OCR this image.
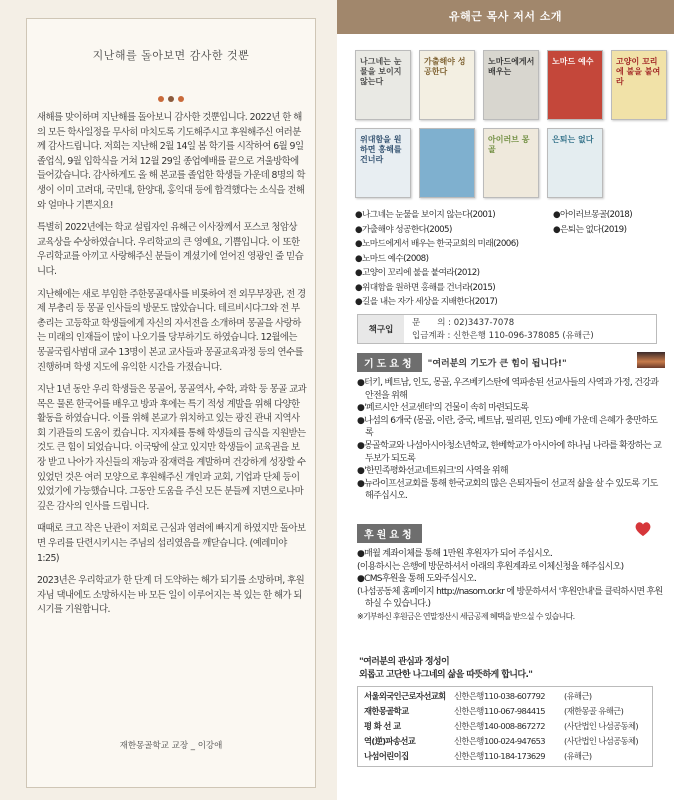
지난해를 돌아보면 감사한 것뿐

새해를 맞이하며 지난해를 돌아보니 감사한 것뿐입니다. 2022년 한 해의 모든 학사일정을 무사히 마치도록 기도해주시고 후원해주신 여러분께 감사드립니다. 저희는 지난해 2월 14일 봄 학기를 시작하여 6월 9일 졸업식, 9월 입학식을 거쳐 12월 29일 종업예배를 끝으로 겨울방학에 들어갔습니다. 감사하게도 올 해 본교를 졸업한 학생들 가운데 8명의 학생이 이미 고려대, 국민대, 한양대, 홍익대 등에 합격했다는 소식을 전해와 얼마나 기쁜지요!

특별히 2022년에는 학교 설립자인 유해근 이사장께서 포스코 청암상 교육상을 수상하였습니다. 우리학교의 큰 영예요, 기쁨입니다. 이 또한 우리학교를 아끼고 사랑해주신 분들이 계셨기에 얻어진 영광인 줄 믿습니다.

지난해에는 새로 부임한 주한몽골대사를 비롯하여 전 외무부장관, 전 경제 부총리 등 몽골 인사들의 방문도 많았습니다. 테르비시다그와 전 부총리는 고등학교 학생들에게 자신의 자서전을 소개하며 몽골을 사랑하는 미래의 인재들이 많이 나오기를 당부하기도 하였습니다. 12월에는 몽골국립사범대 교수 13명이 본교 교사들과 몽골교육과정 등의 연수를 진행하며 학생 지도에 유익한 시간을 가졌습니다.

지난 1년 동안 우리 학생들은 몽골어, 몽골역사, 수학, 과학 등 몽골 교과목은 물론 한국어를 배우고 방과 후에는 특기 적성 계발을 위해 다양한 활동을 하였습니다. 이를 위해 본교가 위치하고 있는 광진 관내 지역사회 기관들의 도움이 컸습니다. 지자체를 통해 학생들의 급식을 지원받는 것도 큰 힘이 되었습니다. 이국땅에 살고 있지만 학생들이 교육권을 보장 받고 나아가 자신들의 재능과 잠재력을 계발하며 건강하게 성장할 수 있었던 것은 여러 모양으로 후원해주신 개인과 교회, 기업과 단체 등이 있었기에 가능했습니다. 그동안 도움을 주신 모든 분들께 지면으로나마 깊은 감사의 인사를 드립니다.

때때로 크고 작은 난관이 저희로 근심과 염려에 빠지게 하였지만 돌아보면 우리를 단련시키시는 주님의 섭리였음을 깨닫습니다. (예레미야1:25)

2023년은 우리학교가 한 단계 더 도약하는 해가 되기를 소망하며, 후원자님 댁내에도 소망하시는 바 모든 일이 이루어지는 복 있는 한 해가 되시기를 기원합니다.

재한몽골학교 교장 _ 이강애
유해근 목사 저서 소개
나그네는 눈물을 보이지 않는다
가출해야 성공한다
노마드에게서 배우는
노마드 예수	고양이 꼬리에 불을 붙여라
위대함을 원하면 홍해를 건너라
아이러브 몽골
은퇴는 없다
●나그네는 눈물을 보이지 않는다(2001)
●가출해야 성공한다(2005)
●노마드에게서 배우는 한국교회의 미래(2006)
●노마드 예수(2008)
●고양이 꼬리에 불을 붙여라(2012)
●위대함을 원하면 홍해를 건너라(2015)
●길을 내는 자가 세상을 지배한다(2017)
●아이러브몽골(2018)
●은퇴는 없다(2019)
책구입
문　　의 : 02)3437-7078
입금계좌 : 신한은행 110-096-378085 (유해근)
기도요청	"여러분의 기도가 큰 힘이 됩니다!"
●터키, 베트남, 인도, 몽골, 우즈베키스탄에 역파송된 선교사들의 사역과 가정, 건강과 안전을 위해
●'페르시안 선교센터'의 건물이 속히 마련되도록
●나섬의 6개국 (몽골, 이란, 중국, 베트남, 필리핀, 인도) 예배 가운데 은혜가 충만하도록
●몽골학교와 나섬아시아청소년학교, 한베학교가 아시아에 하나님 나라를 확장하는 교두보가 되도록
●'한민족평화선교네트워크'의 사역을 위해
●뉴라이프선교회를 통해 한국교회의 많은 은퇴자들이 선교적 삶을 살 수 있도록 기도해주십시오.
후원요청
●매월 계좌이체를 통해 1만원 후원자가 되어 주십시오.
(이용하시는 은행에 방문하셔서 아래의 후원계좌로 이체신청을 해주십시오)
●CMS후원을 통해 도와주십시오.
(나섬공동체 홈페이지 http://nasom.or.kr 에 방문하셔서 '후원안내'를 클릭하시면 후원하실 수 있습니다.)
※기부하신 후원금은 연말정산시 세금공제 혜택을 받으실 수 있습니다.
"여러분의 관심과 정성이
외롭고 고단한 나그네의 삶을 따뜻하게 합니다."
서울외국인근로자선교회	신한은행 110-038-607792	(유해근)
재한몽골학교	신한은행 110-067-984415	(재한몽골 유해근)
평 화 선 교	신한은행 140-008-867272	(사단법인 나섬공동체)
역(逆)파송선교	신한은행 100-024-947653	(사단법인 나섬공동체)
나섬어린이집	신한은행 110-184-173629	(유해근)
